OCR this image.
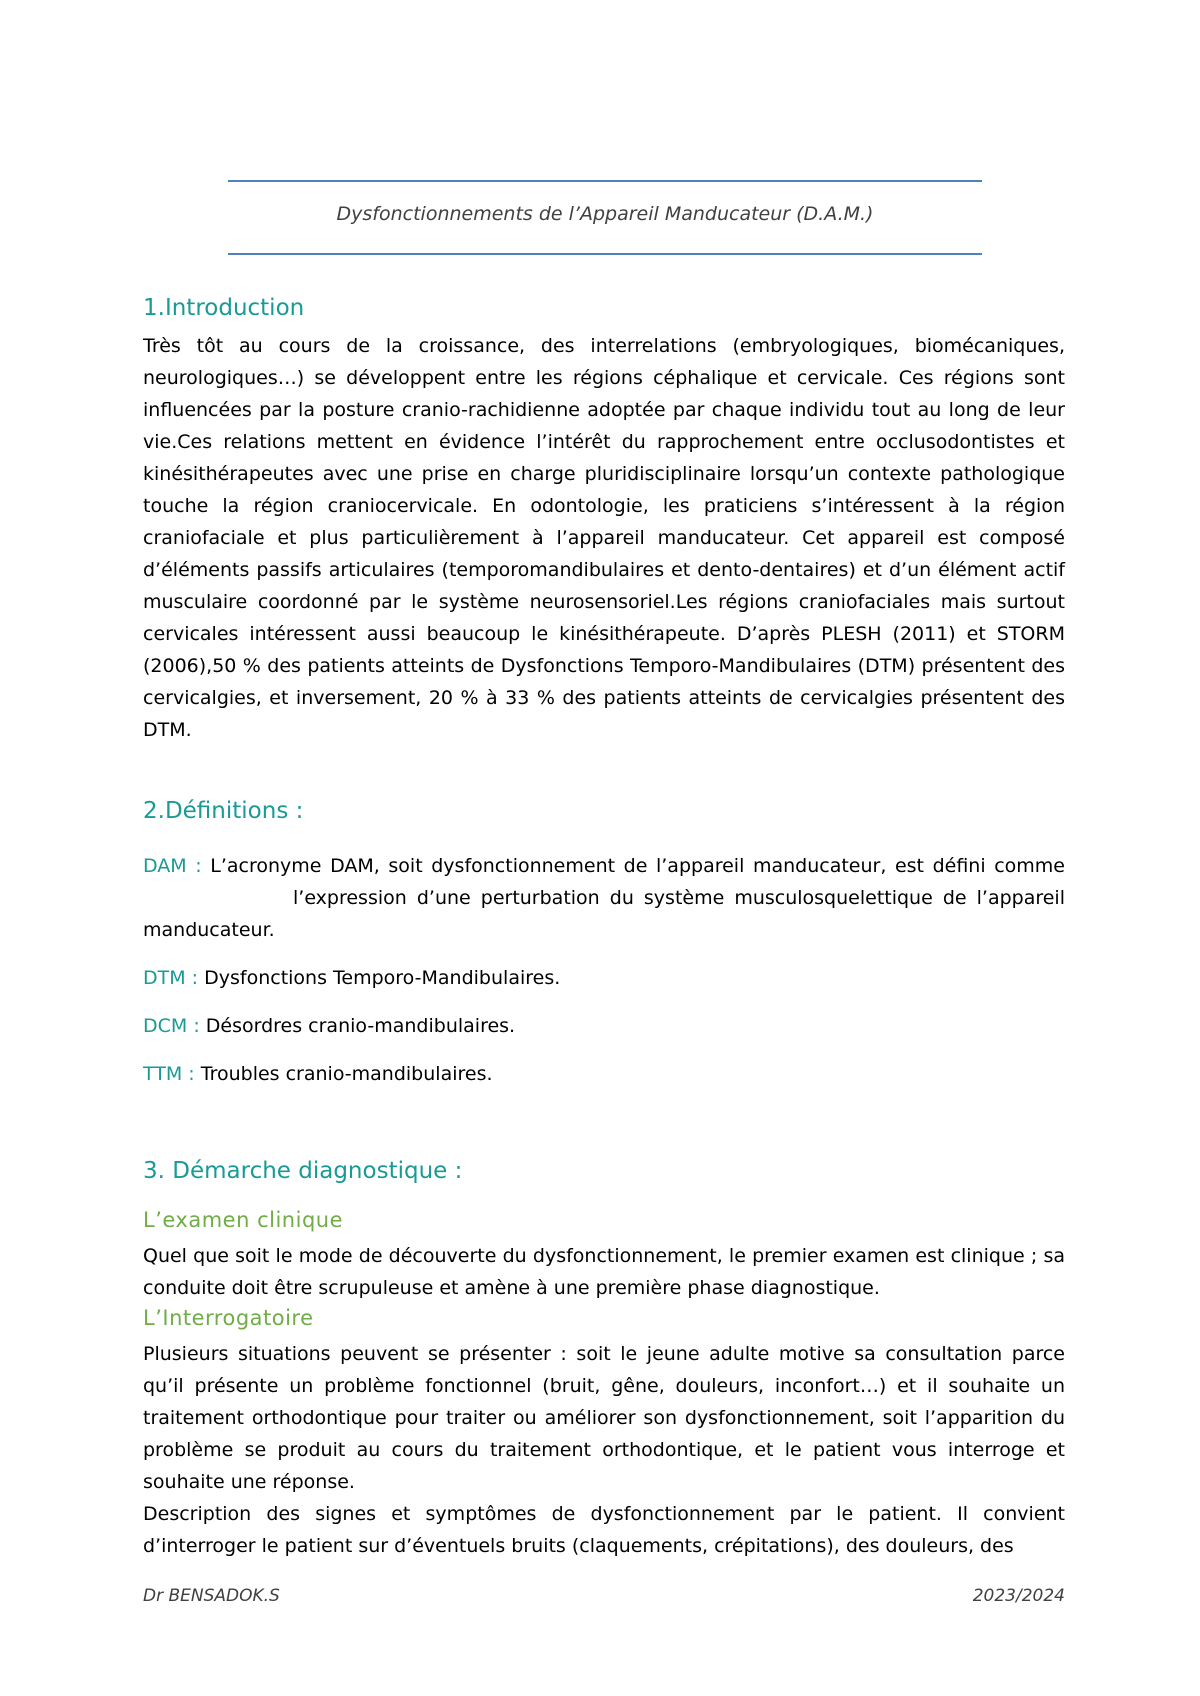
Dysfonctionnements de l’Appareil Manducateur (D.A.M.)
1.Introduction
Très tôt au cours de la croissance, des interrelations (embryologiques, biomécaniques, neurologiques…) se développent entre les régions céphalique et cervicale. Ces régions sont influencées par la posture cranio-rachidienne adoptée par chaque individu tout au long de leur vie.Ces relations mettent en évidence l’intérêt du rapprochement entre occlusodontistes et kinésithérapeutes avec une prise en charge pluridisciplinaire lorsqu’un contexte pathologique touche la région craniocervicale. En odontologie, les praticiens s’intéressent à la région craniofaciale et plus particulièrement à l’appareil manducateur. Cet appareil est composé d’éléments passifs articulaires (temporomandibulaires et dento-dentaires) et d’un élément actif musculaire coordonné par le système neurosensoriel.Les régions craniofaciales mais surtout cervicales intéressent aussi beaucoup le kinésithérapeute. D’après PLESH (2011) et STORM (2006),50 % des patients atteints de Dysfonctions Temporo-Mandibulaires (DTM) présentent des cervicalgies, et inversement, 20 % à 33 % des patients atteints de cervicalgies présentent des DTM.
2.Définitions :
DAM : L’acronyme DAM, soit dysfonctionnement de l’appareil manducateur, est défini commel’expression d’une perturbation du système musculosquelettique de l’appareil manducateur.
DTM : Dysfonctions Temporo-Mandibulaires.
DCM : Désordres cranio-mandibulaires.
TTM : Troubles cranio-mandibulaires.
3. Démarche diagnostique :
L’examen clinique
Quel que soit le mode de découverte du dysfonctionnement, le premier examen est clinique ; sa conduite doit être scrupuleuse et amène à une première phase diagnostique.
L’Interrogatoire
Plusieurs situations peuvent se présenter : soit le jeune adulte motive sa consultation parce qu’il présente un problème fonctionnel (bruit, gêne, douleurs, inconfort…) et il souhaite un traitement orthodontique pour traiter ou améliorer son dysfonctionnement, soit l’apparition du problème se produit au cours du traitement orthodontique, et le patient vous interroge et souhaite une réponse.
Description des signes et symptômes de dysfonctionnement par le patient. Il convient d’interroger le patient sur d’éventuels bruits (claquements, crépitations), des douleurs, des
Dr BENSADOK.S	2023/2024
